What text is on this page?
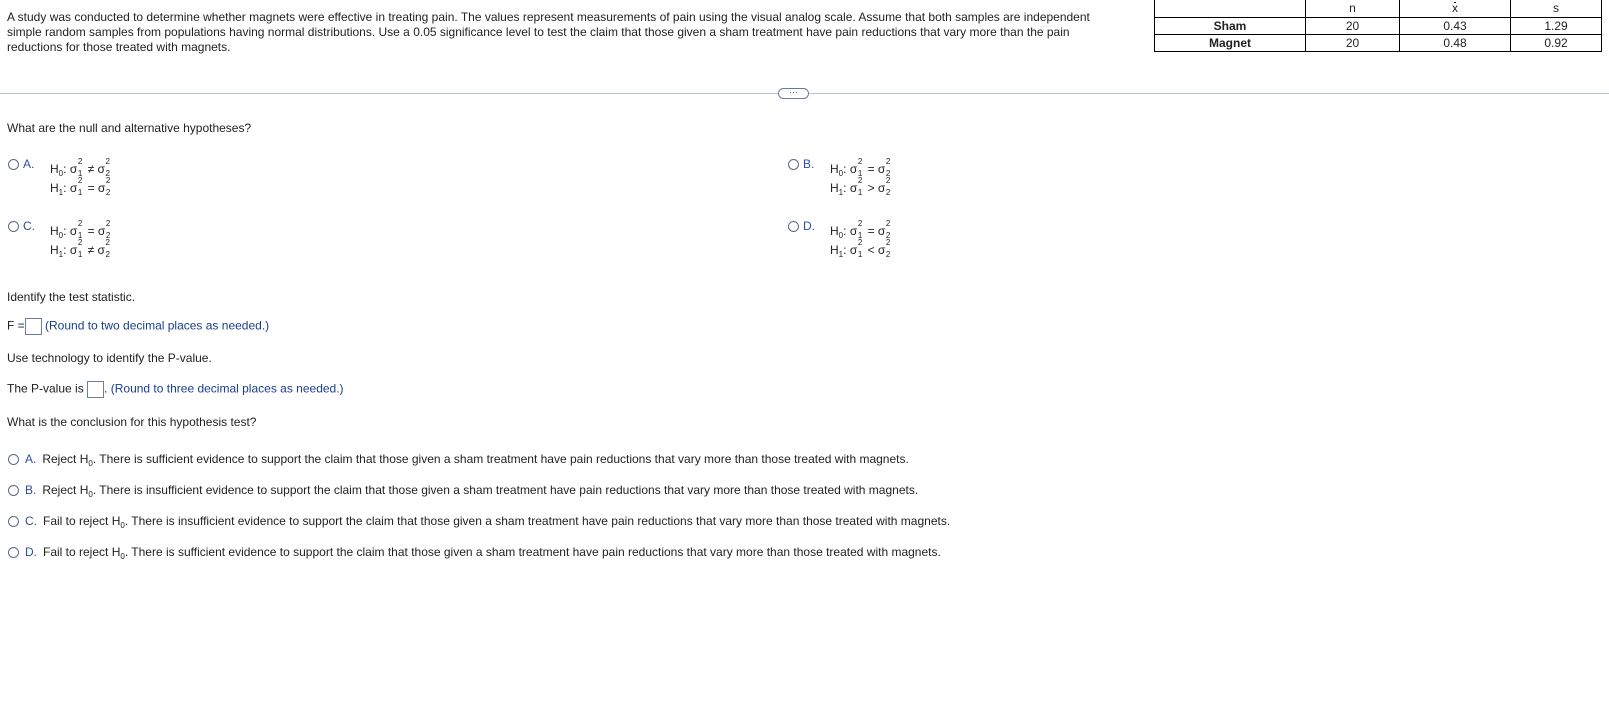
A study was conducted to determine whether magnets were effective in treating pain. The values represent measurements of pain using the visual analog scale. Assume that both samples are independent simple random samples from populations having normal distributions. Use a 0.05 significance level to test the claim that those given a sham treatment have pain reductions that vary more than the pain reductions for those treated with magnets.
	n	x	s
Sham	20	0.43	1.29
Magnet	20	0.48	0.92
···
What are the null and alternative hypotheses?
A. $H_0$: σ
2
1 ≠ σ
2
2
$H_1$: σ
2
1 = σ
2
2
B. $H_0$: σ
2
1 = σ
2
2
$H_1$: σ
2
1 > σ
2
2
C. $H_0$: σ
2
1 = σ
2
2
$H_1$: σ
2
1 ≠ σ
2
2
D. $H_0$: σ
2
1 = σ
2
2
$H_1$: σ
2
1 < σ
2
2
Identify the test statistic.
F = (Round to two decimal places as needed.)
Use technology to identify the P-value.
The P-value is . (Round to three decimal places as needed.)
What is the conclusion for this hypothesis test?
A. Reject $H_0$. There is sufficient evidence to support the claim that those given a sham treatment have pain reductions that vary more than those treated with magnets.
B. Reject $H_0$. There is insufficient evidence to support the claim that those given a sham treatment have pain reductions that vary more than those treated with magnets.
C. Fail to reject $H_0$. There is insufficient evidence to support the claim that those given a sham treatment have pain reductions that vary more than those treated with magnets.
D. Fail to reject $H_0$. There is sufficient evidence to support the claim that those given a sham treatment have pain reductions that vary more than those treated with magnets.
